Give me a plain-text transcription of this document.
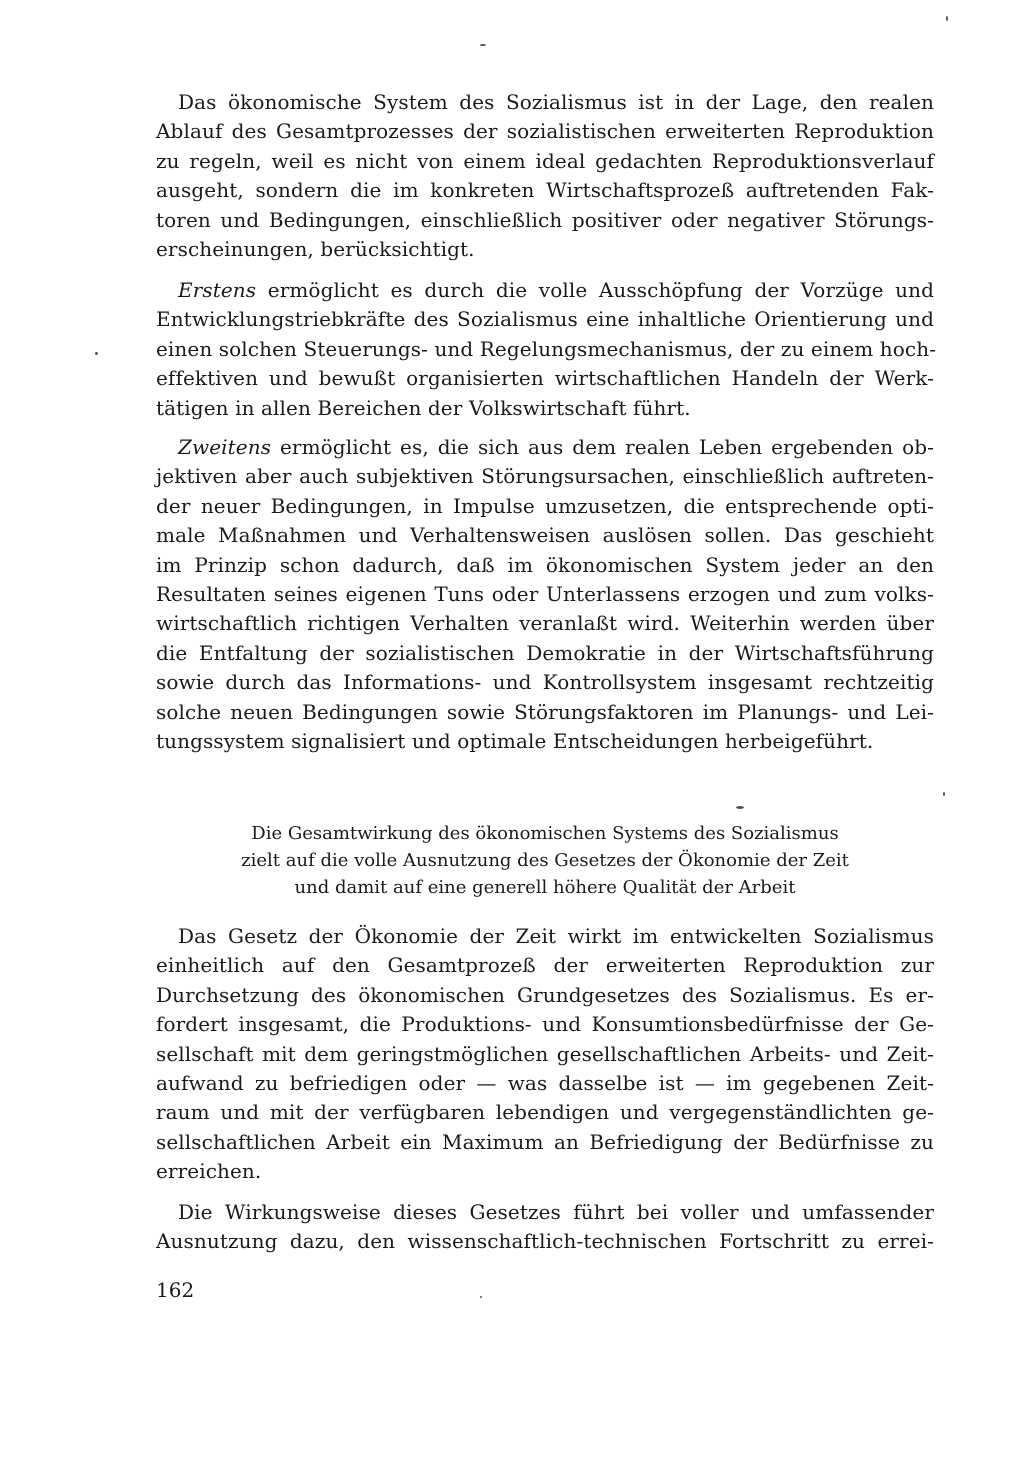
Das ökonomische System des Sozialismus ist in der Lage, den realen
Ablauf des Gesamtprozesses der sozialistischen erweiterten Reproduktion
zu regeln, weil es nicht von einem ideal gedachten Reproduktionsverlauf
ausgeht, sondern die im konkreten Wirtschaftsprozeß auftretenden Fak-
toren und Bedingungen, einschließlich positiver oder negativer Störungs-
erscheinungen, berücksichtigt.

Erstens ermöglicht es durch die volle Ausschöpfung der Vorzüge und
Entwicklungstriebkräfte des Sozialismus eine inhaltliche Orientierung und
einen solchen Steuerungs- und Regelungsmechanismus, der zu einem hoch-
effektiven und bewußt organisierten wirtschaftlichen Handeln der Werk-
tätigen in allen Bereichen der Volkswirtschaft führt.

Zweitens ermöglicht es, die sich aus dem realen Leben ergebenden ob-
jektiven aber auch subjektiven Störungsursachen, einschließlich auftreten-
der neuer Bedingungen, in Impulse umzusetzen, die entsprechende opti-
male Maßnahmen und Verhaltensweisen auslösen sollen. Das geschieht
im Prinzip schon dadurch, daß im ökonomischen System jeder an den
Resultaten seines eigenen Tuns oder Unterlassens erzogen und zum volks-
wirtschaftlich richtigen Verhalten veranlaßt wird. Weiterhin werden über
die Entfaltung der sozialistischen Demokratie in der Wirtschaftsführung
sowie durch das Informations- und Kontrollsystem insgesamt rechtzeitig
solche neuen Bedingungen sowie Störungsfaktoren im Planungs- und Lei-
tungssystem signalisiert und optimale Entscheidungen herbeigeführt.

Die Gesamtwirkung des ökonomischen Systems des Sozialismus
zielt auf die volle Ausnutzung des Gesetzes der Ökonomie der Zeit
und damit auf eine generell höhere Qualität der Arbeit

Das Gesetz der Ökonomie der Zeit wirkt im entwickelten Sozialismus
einheitlich auf den Gesamtprozeß der erweiterten Reproduktion zur
Durchsetzung des ökonomischen Grundgesetzes des Sozialismus. Es er-
fordert insgesamt, die Produktions- und Konsumtionsbedürfnisse der Ge-
sellschaft mit dem geringstmöglichen gesellschaftlichen Arbeits- und Zeit-
aufwand zu befriedigen oder — was dasselbe ist — im gegebenen Zeit-
raum und mit der verfügbaren lebendigen und vergegenständlichten ge-
sellschaftlichen Arbeit ein Maximum an Befriedigung der Bedürfnisse zu
erreichen.

Die Wirkungsweise dieses Gesetzes führt bei voller und umfassender
Ausnutzung dazu, den wissenschaftlich-technischen Fortschritt zu errei-

162
